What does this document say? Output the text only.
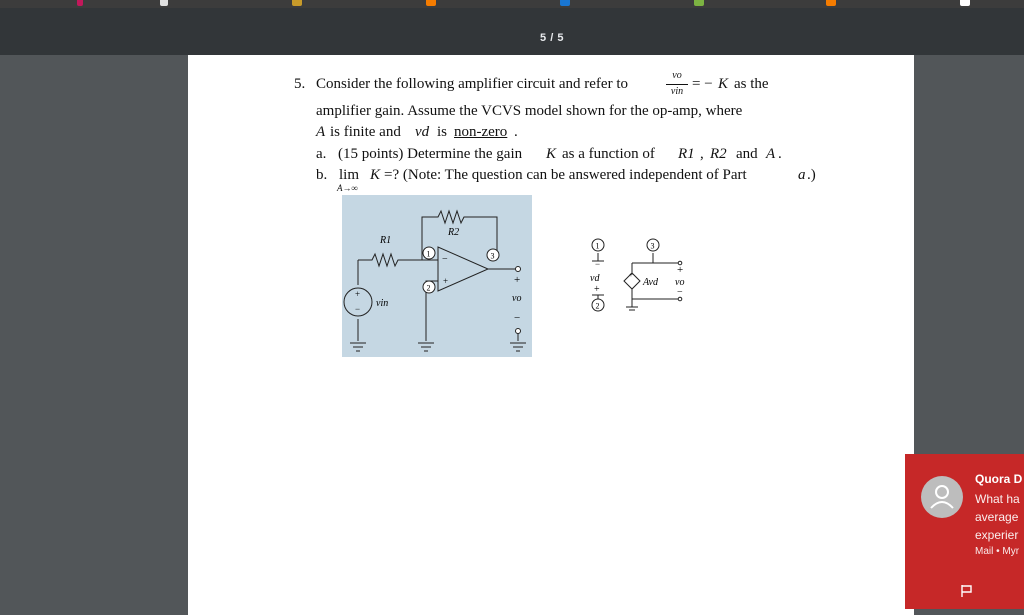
5 / 5
5. Consider the following amplifier circuit and refer to
vo
vin = − K as the
amplifier gain. Assume the VCVS model shown for the op-amp, where
A is finite and vd is non-zero .
a. (15 points) Determine the gain K as a function of R1 , R2 and A .
b. lim
A→∞
K =? (Note: The question can be answered independent of Part	a .)
R1
R2
1
2
3
−
+
+
− vin
+
vo
−
1
2
3
−
vd
+
+
Avd
+
vo
−
Quora D
What ha average experier
Mail • Myr
